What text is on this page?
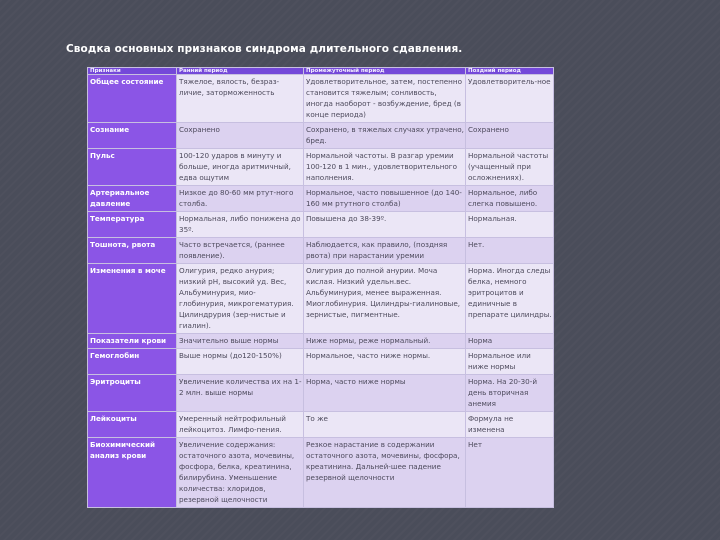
Сводка основных признаков синдрома длительного сдавления.
Признаки	Ранний период	Промежуточный период	Поздний период
Общее состояние	Тяжелое, вялость, безраз-личие, заторможенность	Удовлетворительное, затем, постепенно становится тяжелым; сонливость, иногда наоборот - возбуждение, бред (в конце периода)	Удовлетворитель-ное
Сознание	Сохранено	Сохранено, в тяжелых случаях утрачено, бред.	Сохранено
Пульс	100-120 ударов в минуту и больше, иногда аритмичный, едва ощутим	Нормальной частоты. В разгар уремии 100-120 в 1 мин., удовлетворительного наполнения.	Нормальной частоты (учащенный при осложнениях).
Артериальное давление	Низкое до 80-60 мм ртут-ного столба.	Нормальное, часто повышенное (до 140-160 мм ртутного столба)	Нормальное, либо слегка повышено.
Температура	Нормальная, либо понижена до 35º.	Повышена до 38-39º.	Нормальная.
Тошнота, рвота	Часто встречается, (раннее появление).	Наблюдается, как правило, (поздняя рвота) при нарастании уремии	Нет.
Изменения в моче	Олигурия, редко анурия; низкий pH, высокий уд. Вес, Альбуминурия, мио-глобинурия, микрогематурия. Цилиндрурия (зер-нистые и гиалин).	Олигурия до полной анурии. Моча кислая. Низкий удельн.вес. Альбуминурия, менее выраженная. Миоглобинурия. Цилиндры-гиалиновые, зернистые, пигментные.	Норма. Иногда следы белка, немного эритроцитов и единичные в препарате цилиндры.
Показатели крови	Значительно выше нормы	Ниже нормы, реже нормальный.	Норма
Гемоглобин	Выше нормы (до120-150%)	Нормальное, часто ниже нормы.	Нормальное или ниже нормы
Эритроциты	Увеличение количества их на 1-2 млн. выше нормы	Норма, часто ниже нормы	Норма. На 20-30-й день вторичная анемия
Лейкоциты	Умеренный нейтрофильный лейкоцитоз. Лимфо-пения.	То же	Формула не изменена
Биохимический анализ крови	Увеличение содержания: остаточного азота, мочевины, фосфора, белка, креатинина, билирубина. Уменьшение количества: хлоридов, резервной щелочности	Резкое нарастание в содержании остаточного азота, мочевины, фосфора, креатинина. Дальней-шее падение резервной щелочности	Нет
